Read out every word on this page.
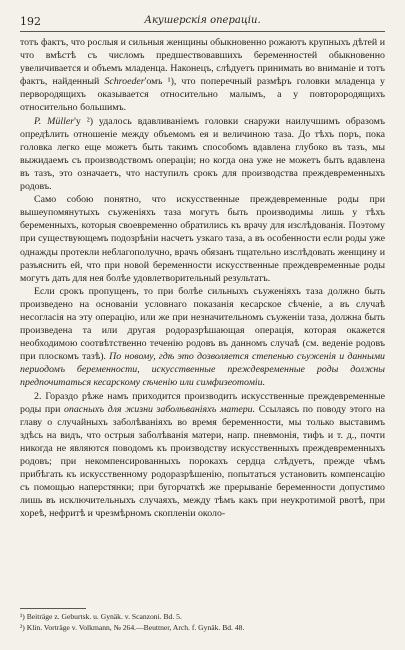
192	Акушерскія операціи.

тотъ фактъ, что рослыя и сильныя женщины обыкновенно рожаютъ крупныхъ дѣтей и что вмѣстѣ съ числомъ предшествовавшихъ беременностей обыкновенно увеличивается и объемъ младенца. Наконецъ, слѣдуетъ принимать во вниманіе и тотъ фактъ, найденный Schroeder'омъ ¹), что поперечный размѣръ головки младенца у первородящихъ оказывается относительно малымъ, а у повторородящихъ относительно большимъ.

P. Müller'у ²) удалось вдавливаніемъ головки снаружи наилучшимъ образомъ опредѣлить отношеніе между объемомъ ея и величиною таза. До тѣхъ поръ, пока головка легко еще можетъ быть такимъ способомъ вдавлена глубоко въ тазъ, мы выжидаемъ съ производствомъ операціи; но когда она уже не можетъ быть вдавлена въ тазъ, это означаетъ, что наступилъ срокъ для производства преждевременныхъ родовъ.

Само собою понятно, что искусственные преждевременные роды при вышеупомянутыхъ съуженіяхъ таза могутъ быть производимы лишь у тѣхъ беременныхъ, которыя своевременно обратились къ врачу для изслѣдованія. Поэтому при существующемъ подозрѣніи насчетъ узкаго таза, а въ особенности если роды уже однажды протекли неблагополучно, врачъ обязанъ тщательно изслѣдовать женщину и разъяснить ей, что при новой беременности искусственные преждевременные роды могутъ дать для нея болѣе удовлетворительный результатъ.

Если срокъ пропущенъ, то при болѣе сильныхъ съуженіяхъ таза должно быть произведено на основаніи условнаго показанія кесарское сѣченіе, а въ случаѣ несогласія на эту операцію, или же при незначительномъ съуженіи таза, должна быть произведена та или другая родоразрѣшающая операція, которая окажется необходимою соотвѣтственно теченію родовъ въ данномъ случаѣ (см. веденіе родовъ при плоскомъ тазѣ). По новому, гдѣ это дозволяется степенью съуженія и данными периодомъ беременности, искусственные преждевременные роды должны предпочитаться кесарскому сѣченію или симфизеотоміи.

2. Гораздо рѣже намъ приходится производить искусственные преждевременные роды при опасныхъ для жизни заболѣваніяхъ матери. Ссылаясь по поводу этого на главу о случайныхъ заболѣваніяхъ во время беременности, мы только выставимъ здѣсь на видъ, что острыя заболѣванія матери, напр. пневмонія, тифъ и т. д., почти никогда не являются поводомъ къ производству искусственныхъ преждевременныхъ родовъ; при некомпенсированныхъ порокахъ сердца слѣдуетъ, прежде чѣмъ прибѣгать къ искусственному родоразрѣшенію, попытаться установить компенсацію съ помощью наперстянки; при бугорчаткѣ же прерываніе беременности допустимо лишь въ исключительныхъ случаяхъ, между тѣмъ какъ при неукротимой рвотѣ, при хореѣ, нефритѣ и чрезмѣрномъ скопленіи около-

¹) Beiträge z. Geburtsk. u. Gynäk. v. Scanzoni. Bd. 5.
²) Klin. Vorträge v. Volkmann, № 264.—Beuttner, Arch. f. Gynäk. Bd. 48.
